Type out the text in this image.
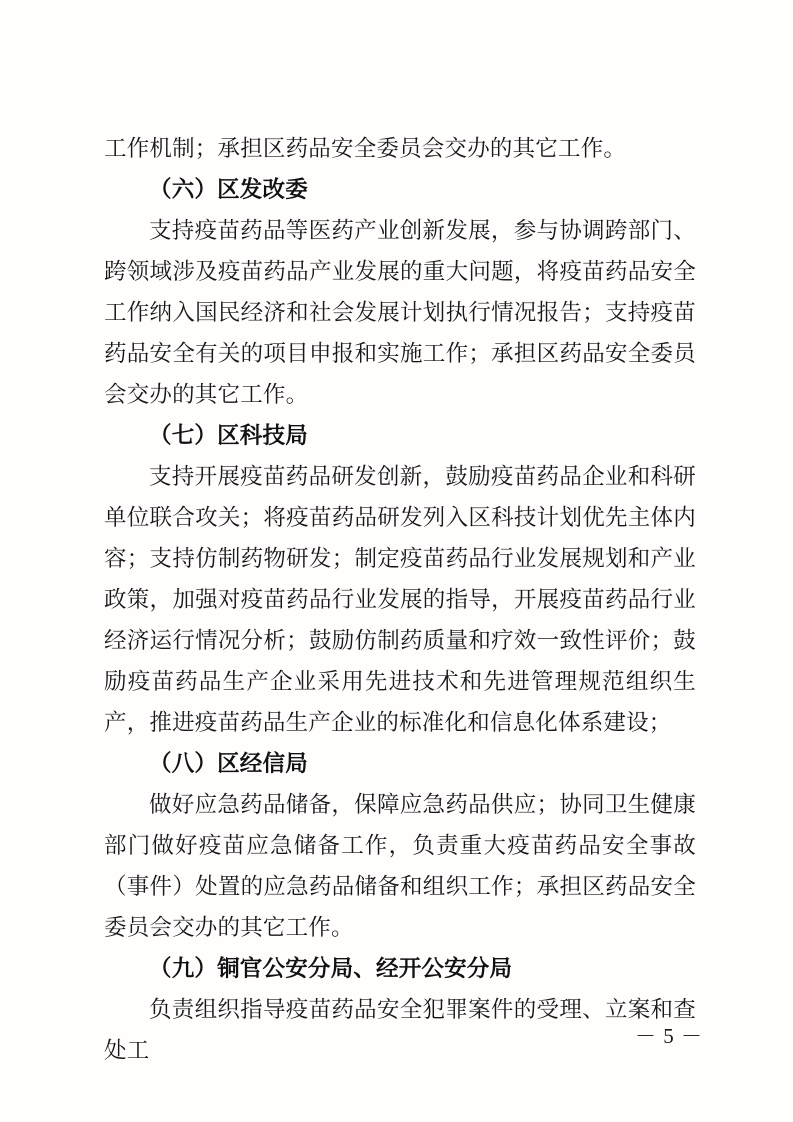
工作机制；承担区药品安全委员会交办的其它工作。

（六）区发改委

支持疫苗药品等医药产业创新发展，参与协调跨部门、跨领域涉及疫苗药品产业发展的重大问题，将疫苗药品安全工作纳入国民经济和社会发展计划执行情况报告；支持疫苗药品安全有关的项目申报和实施工作；承担区药品安全委员会交办的其它工作。

（七）区科技局

支持开展疫苗药品研发创新，鼓励疫苗药品企业和科研单位联合攻关；将疫苗药品研发列入区科技计划优先主体内容；支持仿制药物研发；制定疫苗药品行业发展规划和产业政策，加强对疫苗药品行业发展的指导，开展疫苗药品行业经济运行情况分析；鼓励仿制药质量和疗效一致性评价；鼓励疫苗药品生产企业采用先进技术和先进管理规范组织生产，推进疫苗药品生产企业的标准化和信息化体系建设；

（八）区经信局

做好应急药品储备，保障应急药品供应；协同卫生健康部门做好疫苗应急储备工作，负责重大疫苗药品安全事故（事件）处置的应急药品储备和组织工作；承担区药品安全委员会交办的其它工作。

（九）铜官公安分局、经开公安分局

负责组织指导疫苗药品安全犯罪案件的受理、立案和查处工

－ 5 －
